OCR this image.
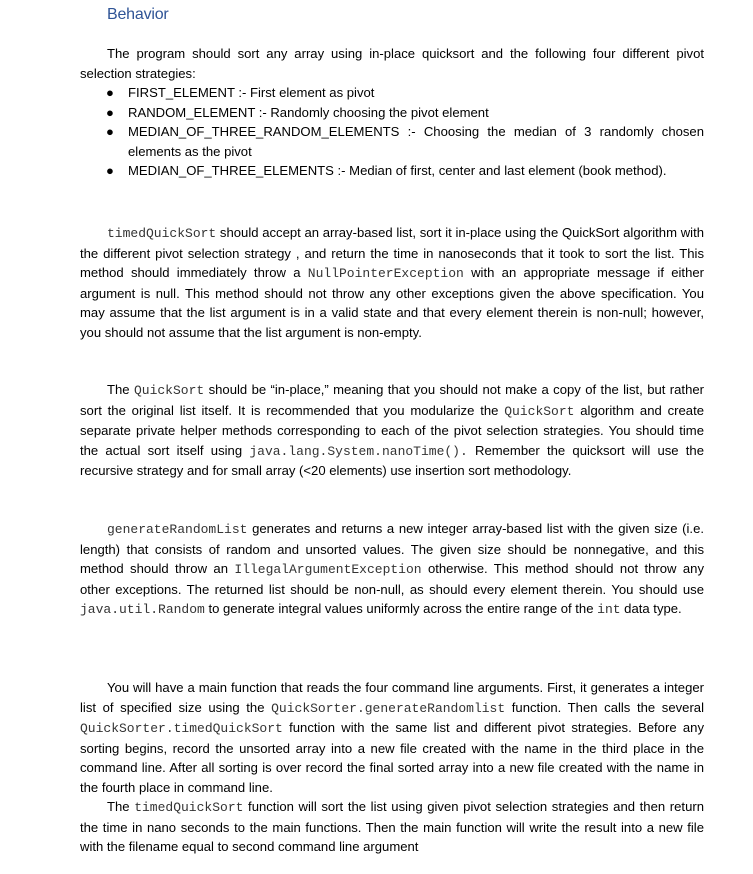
Behavior

The program should sort any array using in-place quicksort and the following four different pivot selection strategies:

● FIRST_ELEMENT :- First element as pivot
● RANDOM_ELEMENT :- Randomly choosing the pivot element
● MEDIAN_OF_THREE_RANDOM_ELEMENTS :- Choosing the median of 3 randomly chosen elements as the pivot
● MEDIAN_OF_THREE_ELEMENTS :- Median of first, center and last element (book method).

timedQuickSort should accept an array-based list, sort it in-place using the QuickSort algorithm with the different pivot selection strategy , and return the time in nanoseconds that it took to sort the list. This method should immediately throw a NullPointerException with an appropriate message if either argument is null. This method should not throw any other exceptions given the above specification. You may assume that the list argument is in a valid state and that every element therein is non-null; however, you should not assume that the list argument is non-empty.

The QuickSort should be “in-place,” meaning that you should not make a copy of the list, but rather sort the original list itself. It is recommended that you modularize the QuickSort algorithm and create separate private helper methods corresponding to each of the pivot selection strategies. You should time the actual sort itself using java.lang.System.nanoTime(). Remember the quicksort will use the recursive strategy and for small array (<20 elements) use insertion sort methodology.

generateRandomList generates and returns a new integer array-based list with the given size (i.e. length) that consists of random and unsorted values. The given size should be nonnegative, and this method should throw an IllegalArgumentException otherwise. This method should not throw any other exceptions. The returned list should be non-null, as should every element therein. You should use java.util.Random to generate integral values uniformly across the entire range of the int data type.

You will have a main function that reads the four command line arguments. First, it generates a integer list of specified size using the QuickSorter.generateRandomlist function. Then calls the several QuickSorter.timedQuickSort function with the same list and different pivot strategies. Before any sorting begins, record the unsorted array into a new file created with the name in the third place in the command line. After all sorting is over record the final sorted array into a new file created with the name in the fourth place in command line.

The timedQuickSort function will sort the list using given pivot selection strategies and then return the time in nano seconds to the main functions. Then the main function will write the result into a new file with the filename equal to second command line argument
